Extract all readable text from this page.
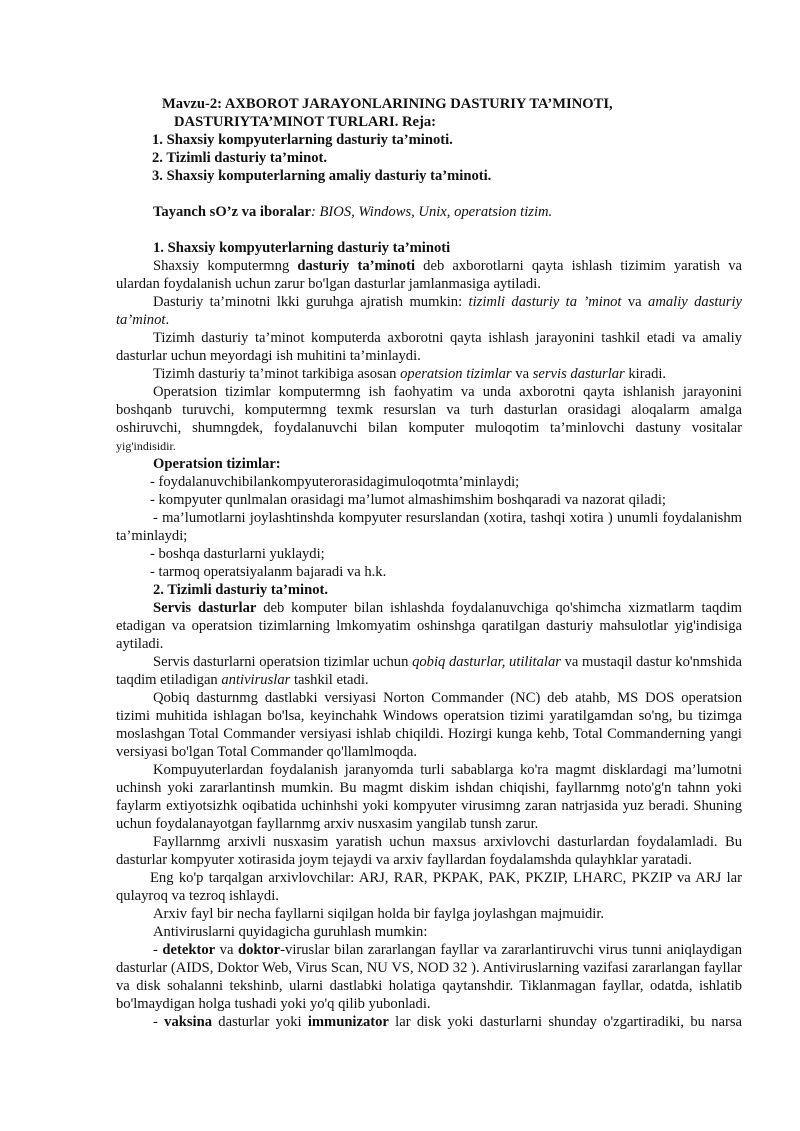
Mavzu-2: AXBOROT JARAYONLARINING DASTURIY TA’MINOTI,
DASTURIYTA’MINOT TURLARI. Reja:
1. Shaxsiy kompyuterlarning dasturiy ta’minoti.
2. Tizimli dasturiy ta’minot.
3. Shaxsiy komputerlarning amaliy dasturiy ta’minoti.
Tayanch sO’z va iboralar: BIOS, Windows, Unix, operatsion tizim.
1. Shaxsiy kompyuterlarning dasturiy ta’minoti

Shaxsiy komputermng dasturiy ta’minoti deb axborotlarni qayta ishlash tizimim yaratish va ulardan foydalanish uchun zarur bo'lgan dasturlar jamlanmasiga aytiladi.

Dasturiy ta’minotni lkki guruhga ajratish mumkin: tizimli dasturiy ta ’minot va amaliy dasturiy ta’minot.

Tizimh dasturiy ta’minot komputerda axborotni qayta ishlash jarayonini tashkil etadi va amaliy dasturlar uchun meyordagi ish muhitini ta’minlaydi.

Tizimh dasturiy ta’minot tarkibiga asosan operatsion tizimlar va servis dasturlar kiradi.

Operatsion tizimlar komputermng ish faohyatim va unda axborotni qayta ishlanish jarayonini boshqanb turuvchi, komputermng texmk resurslan va turh dasturlan orasidagi aloqalarm amalga oshiruvchi, shumngdek, foydalanuvchi bilan komputer muloqotim ta’minlovchi dastuny vositalar yig'indisidir.

Operatsion tizimlar:
- foydalanuvchibilankompyuterorasidagimuloqotmta’minlaydi;
- kompyuter qunlmalan orasidagi ma’lumot almashimshim boshqaradi va nazorat qiladi;

- ma’lumotlarni joylashtinshda kompyuter resurslandan (xotira, tashqi xotira ) unumli foydalanishm ta’minlaydi;

- boshqa dasturlarni yuklaydi;
- tarmoq operatsiyalanm bajaradi va h.k.
2. Tizimli dasturiy ta’minot.

Servis dasturlar deb komputer bilan ishlashda foydalanuvchiga qo'shimcha xizmatlarm taqdim etadigan va operatsion tizimlarning lmkomyatim oshinshga qaratilgan dasturiy mahsulotlar yig'indisiga aytiladi.

Servis dasturlarni operatsion tizimlar uchun qobiq dasturlar, utilitalar va mustaqil dastur ko'nmshida taqdim etiladigan antiviruslar tashkil etadi.

Qobiq dasturnmg dastlabki versiyasi Norton Commander (NC) deb atahb, MS DOS operatsion tizimi muhitida ishlagan bo'lsa, keyinchahk Windows operatsion tizimi yaratilgamdan so'ng, bu tizimga moslashgan Total Commander versiyasi ishlab chiqildi. Hozirgi kunga kehb, Total Commanderning yangi versiyasi bo'lgan Total Commander qo'llamlmoqda.

Kompuyuterlardan foydalanish jaranyomda turli sabablarga ko'ra magmt disklardagi ma’lumotni uchinsh yoki zararlantinsh mumkin. Bu magmt diskim ishdan chiqishi, fayllarnmg noto'g'n tahnn yoki faylarm extiyotsizhk oqibatida uchinhshi yoki kompyuter virusimng zaran natrjasida yuz beradi. Shuning uchun foydalanayotgan fayllarnmg arxiv nusxasim yangilab tunsh zarur.

Fayllarnmg arxivli nusxasim yaratish uchun maxsus arxivlovchi dasturlardan foydalamladi. Bu dasturlar kompyuter xotirasida joym tejaydi va arxiv fayllardan foydalamshda qulayhklar yaratadi.

Eng ko'p tarqalgan arxivlovchilar: ARJ, RAR, PKPAK, PAK, PKZIP, LHARC, PKZIP va ARJ lar qulayroq va tezroq ishlaydi.

Arxiv fayl bir necha fayllarni siqilgan holda bir faylga joylashgan majmuidir.

Antiviruslarni quyidagicha guruhlash mumkin:

- detektor va doktor-viruslar bilan zararlangan fayllar va zararlantiruvchi virus tunni aniqlaydigan dasturlar (AIDS, Doktor Web, Virus Scan, NU VS, NOD 32 ). Antiviruslarning vazifasi zararlangan fayllar va disk sohalanni tekshinb, ularni dastlabki holatiga qaytanshdir. Tiklanmagan fayllar, odatda, ishlatib bo'lmaydigan holga tushadi yoki yo'q qilib yubonladi.

- vaksina dasturlar yoki immunizator lar disk yoki dasturlarni shunday o'zgartiradiki, bu narsa
